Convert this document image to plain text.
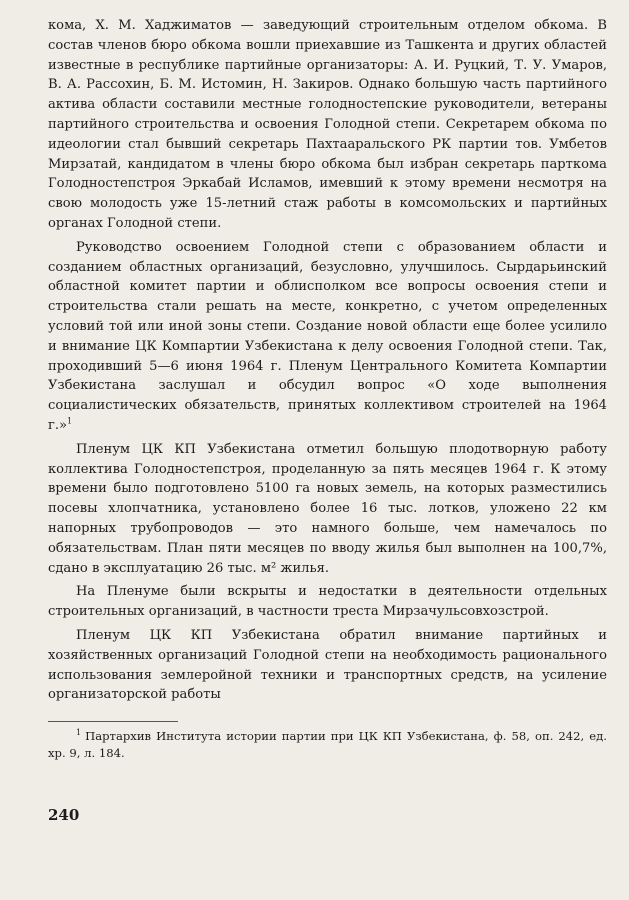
кома, Х. М. Хаджиматов — заведующий строительным отделом обкома. В состав членов бюро обкома вошли приехавшие из Ташкента и других областей известные в республике партийные организаторы: А. И. Руцкий, Т. У. Умаров, В. А. Расcохин, Б. М. Истомин, Н. Закиров. Однако большую часть партийного актива области составили местные голодностепские руководители, ветераны партийного строительства и освоения Голодной степи. Секретарем обкома по идеологии стал бывший секретарь Пахтааральского РК партии тов. Умбетов Мирзатай, кандидатом в члены бюро обкома был избран секретарь парткома Голодностепстроя Эркабай Исламов, имевший к этому времени несмотря на свою молодость уже 15-летний стаж работы в комсомольских и партийных органах Голодной степи.

Руководство освоением Голодной степи с образованием области и созданием областных организаций, безусловно, улучшилось. Сырдарьинский областной комитет партии и облисполком все вопросы освоения степи и строительства стали решать на месте, конкретно, с учетом определенных условий той или иной зоны степи. Создание новой области еще более усилило и внимание ЦК Компартии Узбекистана к делу освоения Голодной степи. Так, проходивший 5—6 июня 1964 г. Пленум Центрального Комитета Компартии Узбекистана заслушал и обсудил вопрос «О ходе выполнения социалистических обязательств, принятых коллективом строителей на 1964 г.»$^1$

Пленум ЦК КП Узбекистана отметил большую плодотворную работу коллектива Голодностепстроя, проделанную за пять месяцев 1964 г. К этому времени было подготовлено 5100 га новых земель, на которых разместились посевы хлопчатника, установлено более 16 тыс. лотков, уложено 22 км напорных трубопроводов — это намного больше, чем намечалось по обязательствам. План пяти месяцев по вводу жилья был выполнен на 100,7%, сдано в эксплуатацию 26 тыс. м² жилья.

На Пленуме были вскрыты и недостатки в деятельности отдельных строительных организаций, в частности треста Мирзачульсовхозстрой.

Пленум ЦК КП Узбекистана обратил внимание партийных и хозяйственных организаций Голодной степи на необходимость рационального использования землеройной техники и транспортных средств, на усиление организаторской работы

$^1$ Партархив Института истории партии при ЦК КП Узбекистана, ф. 58, оп. 242, ед. хр. 9, л. 184.

240
